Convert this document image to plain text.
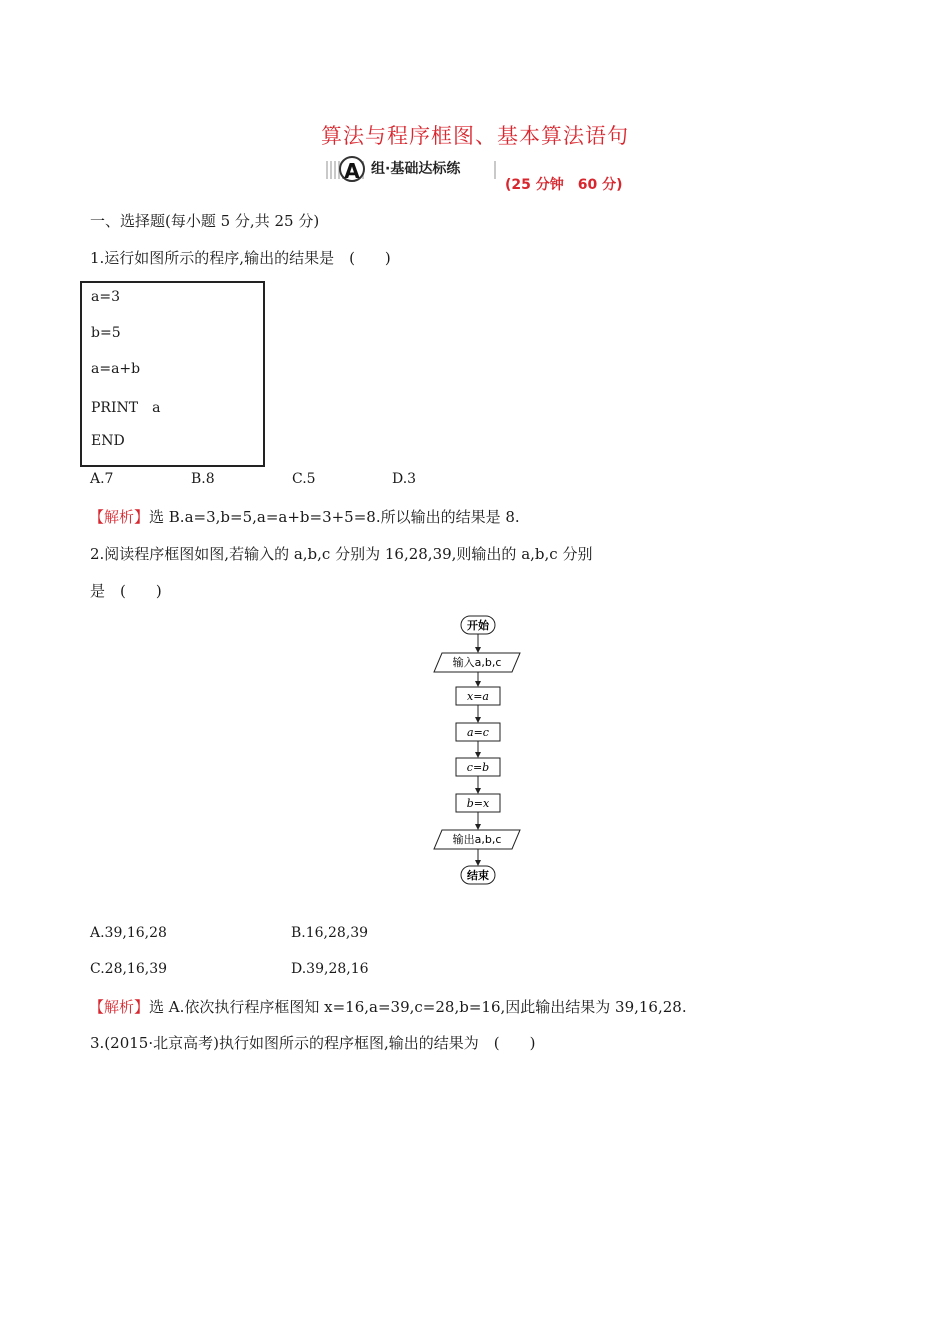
算法与程序框图、基本算法语句
A 组·基础达标练
(25 分钟　60 分)
一、选择题(每小题 5 分,共 25 分)
1.运行如图所示的程序,输出的结果是　(　　)
a=3
b=5
a=a+b
PRINT　a
END
A.7	B.8	C.5	D.3
【解析】选 B.a=3,b=5,a=a+b=3+5=8.所以输出的结果是 8.
2.阅读程序框图如图,若输入的 a,b,c 分别为 16,28,39,则输出的 a,b,c 分别
是　(　　)
开始
输入a,b,c
x=a
a=c
c=b
b=x
输出a,b,c
结束
A.39,16,28	B.16,28,39
C.28,16,39	D.39,28,16
【解析】选 A.依次执行程序框图知 x=16,a=39,c=28,b=16,因此输出结果为 39,16,28.
3.(2015·北京高考)执行如图所示的程序框图,输出的结果为　(　　)
